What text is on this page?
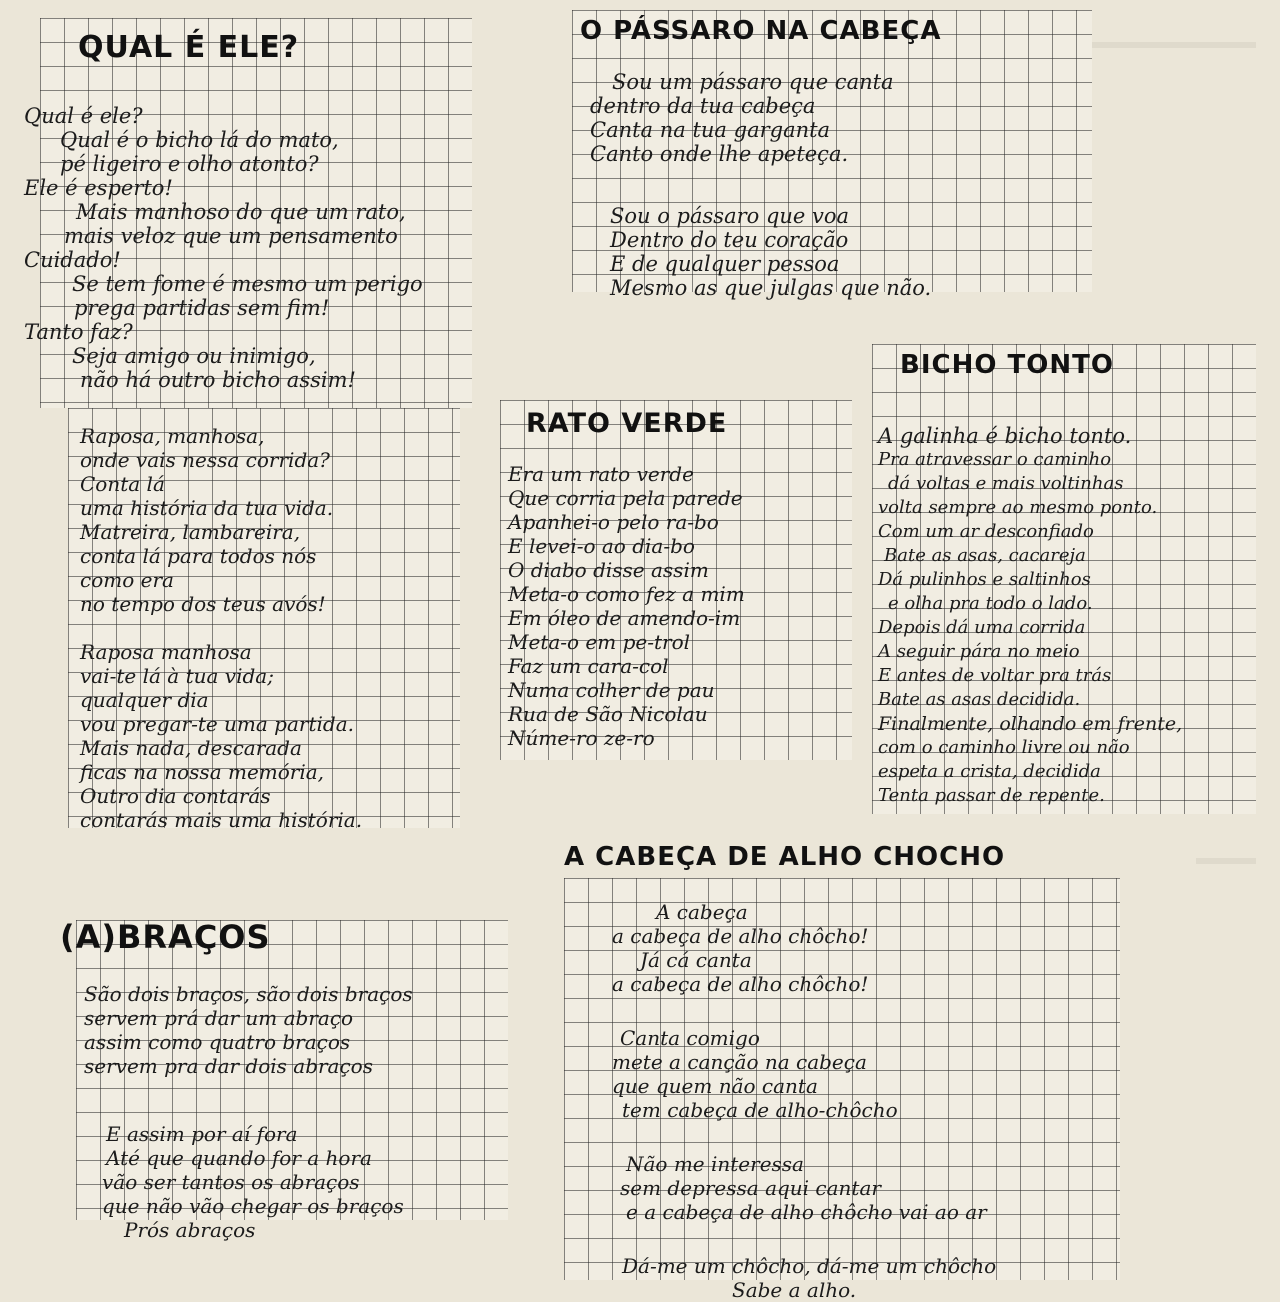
QUAL É ELE?
Qual é ele?
Qual é o bicho lá do mato,
pé ligeiro e olho atonto?
Ele é esperto!
Mais manhoso do que um rato,
mais veloz que um pensamento
Cuidado!
Se tem fome é mesmo um perigo
prega partidas sem fim!
Tanto faz?
Seja amigo ou inimigo,
não há outro bicho assim!
Raposa, manhosa,
onde vais nessa corrida?
Conta lá
uma história da tua vida.
Matreira, lambareira,
conta lá para todos nós
como era
no tempo dos teus avós!
Raposa manhosa
vai-te lá à tua vida;
qualquer dia
vou pregar-te uma partida.
Mais nada, descarada
ficas na nossa memória,
Outro dia contarás
contarás mais uma história.
O PÁSSARO NA CABEÇA
Sou um pássaro que canta
dentro da tua cabeça
Canta na tua garganta
Canto onde lhe apeteça.
Sou o pássaro que voa
Dentro do teu coração
E de qualquer pessoa
Mesmo as que julgas que não.
RATO VERDE
Era um rato verde
Que corria pela parede
Apanhei-o pelo ra-bo
E levei-o ao dia-bo
O diabo disse assim
Meta-o como fez a mim
Em óleo de amendo-im
Meta-o em pe-trol
Faz um cara-col
Numa colher de pau
Rua de São Nicolau
Núme-ro ze-ro
BICHO TONTO
A galinha é bicho tonto.
Pra atravessar o caminho
dá voltas e mais voltinhas
volta sempre ao mesmo ponto.
Com um ar desconfiado
Bate as asas, cacareja
Dá pulinhos e saltinhos
e olha pra todo o lado.
Depois dá uma corrida
A seguir pára no meio
E antes de voltar pra trás
Bate as asas decidida.
Finalmente, olhando em frente,
com o caminho livre ou não
espeta a crista, decidida
Tenta passar de repente.
(A)BRAÇOS
São dois braços, são dois braços
servem prá dar um abraço
assim como quatro braços
servem pra dar dois abraços
E assim por aí fora
Até que quando for a hora
vão ser tantos os abraços
que não vão chegar os braços
Prós abraços
A CABEÇA DE ALHO CHOCHO
A cabeça
a cabeça de alho chôcho!
Já cá canta
a cabeça de alho chôcho!
Canta comigo
mete a canção na cabeça
que quem não canta
tem cabeça de alho-chôcho
Não me interessa
sem depressa aqui cantar
e a cabeça de alho chôcho vai ao ar
Dá-me um chôcho, dá-me um chôcho
Sabe a alho.
